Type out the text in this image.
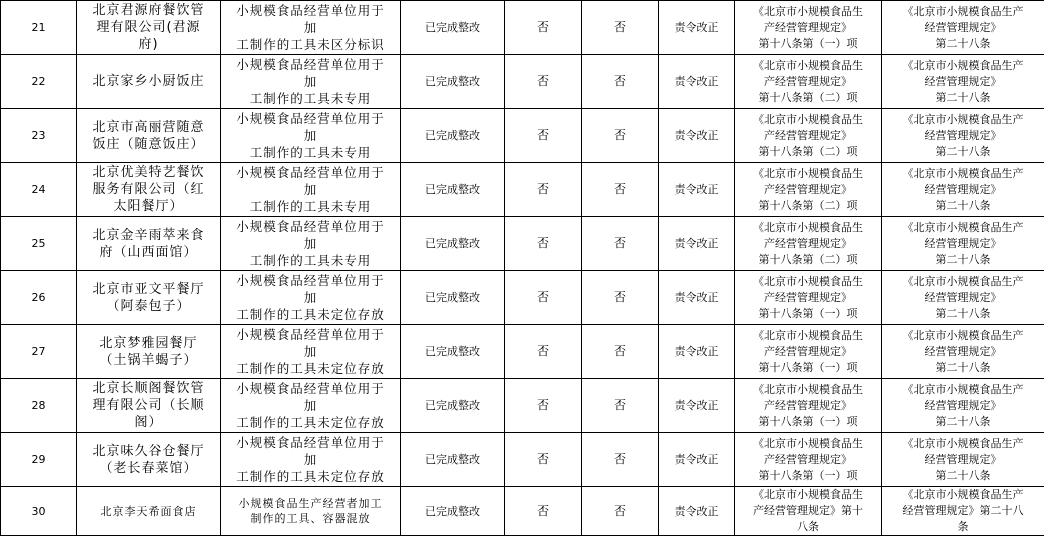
21	北京君源府餐饮管
理有限公司(君源
府)	小规模食品经营单位用于
加
工制作的工具未区分标识	已完成整改	否	否	责令改正	《北京市小规模食品生
产经营管理规定》
第十八条第（一）项	《北京市小规模食品生产
经营管理规定》
第二十八条

22	北京家乡小厨饭庄	小规模食品经营单位用于
加
工制作的工具未专用	已完成整改	否	否	责令改正	《北京市小规模食品生
产经营管理规定》
第十八条第（二）项	《北京市小规模食品生产
经营管理规定》
第二十八条

23	北京市高丽营随意
饭庄（随意饭庄）	小规模食品经营单位用于
加
工制作的工具未专用	已完成整改	否	否	责令改正	《北京市小规模食品生
产经营管理规定》
第十八条第（二）项	《北京市小规模食品生产
经营管理规定》
第二十八条

24	北京优美特艺餐饮
服务有限公司（红
太阳餐厅）	小规模食品经营单位用于
加
工制作的工具未专用	已完成整改	否	否	责令改正	《北京市小规模食品生
产经营管理规定》
第十八条第（二）项	《北京市小规模食品生产
经营管理规定》
第二十八条

25	北京金辛雨萃来食
府（山西面馆）	小规模食品经营单位用于
加
工制作的工具未专用	已完成整改	否	否	责令改正	《北京市小规模食品生
产经营管理规定》
第十八条第（二）项	《北京市小规模食品生产
经营管理规定》
第二十八条

26	北京市亚文平餐厅
（阿泰包子）	小规模食品经营单位用于
加
工制作的工具未定位存放	已完成整改	否	否	责令改正	《北京市小规模食品生
产经营管理规定》
第十八条第（一）项	《北京市小规模食品生产
经营管理规定》
第二十八条

27	北京梦雅园餐厅
（土锅羊蝎子）	小规模食品经营单位用于
加
工制作的工具未定位存放	已完成整改	否	否	责令改正	《北京市小规模食品生
产经营管理规定》
第十八条第（一）项	《北京市小规模食品生产
经营管理规定》
第二十八条

28	北京长顺阁餐饮管
理有限公司（长顺
阁）	小规模食品经营单位用于
加
工制作的工具未定位存放	已完成整改	否	否	责令改正	《北京市小规模食品生
产经营管理规定》
第十八条第（一）项	《北京市小规模食品生产
经营管理规定》
第二十八条

29	北京味久谷仓餐厅
（老长春菜馆）	小规模食品经营单位用于
加
工制作的工具未定位存放	已完成整改	否	否	责令改正	《北京市小规模食品生
产经营管理规定》
第十八条第（一）项	《北京市小规模食品生产
经营管理规定》
第二十八条

30	北京李天希面食店	小规模食品生产经营者加工
制作的工具、容器混放	已完成整改	否	否	责令改正	《北京市小规模食品生
产经营管理规定》第十
八条	《北京市小规模食品生产
经营管理规定》第二十八
条
